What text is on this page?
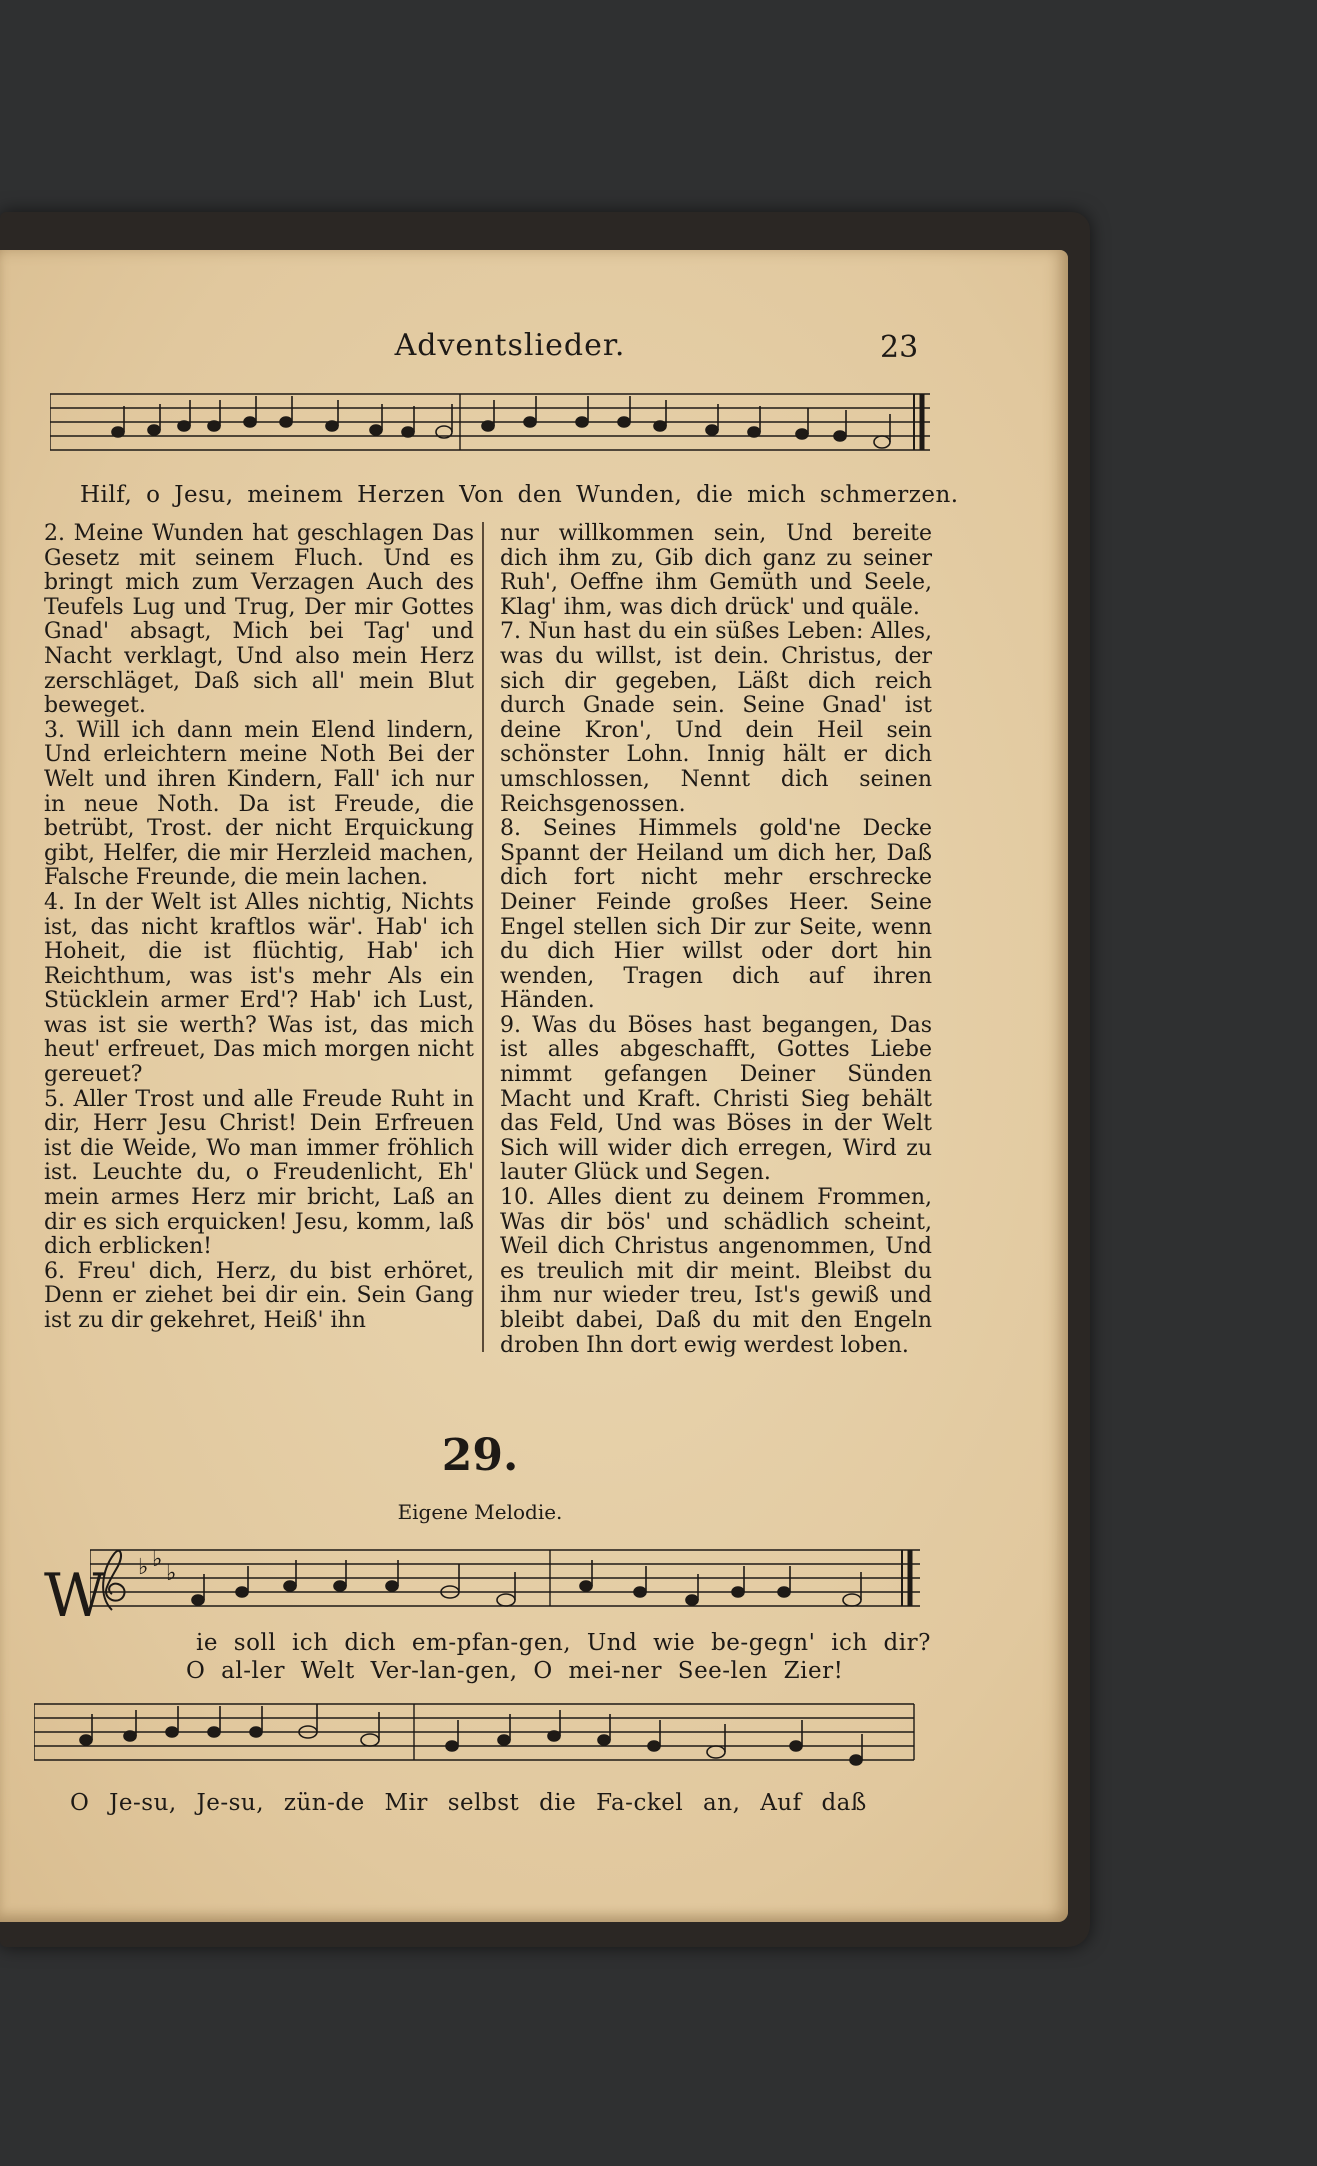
Adventslieder.	23
Hilf, o Jesu, meinem Herzen Von den Wunden, die mich schmerzen.

2. Meine Wunden hat geschlagen Das Gesetz mit seinem Fluch. Und es bringt mich zum Verzagen Auch des Teufels Lug und Trug, Der mir Gottes Gnad' absagt, Mich bei Tag' und Nacht verklagt, Und also mein Herz zerschläget, Daß sich all' mein Blut beweget.

3. Will ich dann mein Elend lindern, Und erleichtern meine Noth Bei der Welt und ihren Kindern, Fall' ich nur in neue Noth. Da ist Freude, die betrübt, Trost. der nicht Erquickung gibt, Helfer, die mir Herzleid machen, Falsche Freunde, die mein lachen.

4. In der Welt ist Alles nichtig, Nichts ist, das nicht kraftlos wär'. Hab' ich Hoheit, die ist flüchtig, Hab' ich Reichthum, was ist's mehr Als ein Stücklein armer Erd'? Hab' ich Lust, was ist sie werth? Was ist, das mich heut' erfreuet, Das mich morgen nicht gereuet?

5. Aller Trost und alle Freude Ruht in dir, Herr Jesu Christ! Dein Erfreuen ist die Weide, Wo man immer fröhlich ist. Leuchte du, o Freudenlicht, Eh' mein armes Herz mir bricht, Laß an dir es sich erquicken! Jesu, komm, laß dich erblicken!

6. Freu' dich, Herz, du bist erhöret, Denn er ziehet bei dir ein. Sein Gang ist zu dir gekehret, Heiß' ihn

nur willkommen sein, Und bereite dich ihm zu, Gib dich ganz zu seiner Ruh', Oeffne ihm Gemüth und Seele, Klag' ihm, was dich drück' und quäle.

7. Nun hast du ein süßes Leben: Alles, was du willst, ist dein. Christus, der sich dir gegeben, Läßt dich reich durch Gnade sein. Seine Gnad' ist deine Kron', Und dein Heil sein schönster Lohn. Innig hält er dich umschlossen, Nennt dich seinen Reichsgenossen.

8. Seines Himmels gold'ne Decke Spannt der Heiland um dich her, Daß dich fort nicht mehr erschrecke Deiner Feinde großes Heer. Seine Engel stellen sich Dir zur Seite, wenn du dich Hier willst oder dort hin wenden, Tragen dich auf ihren Händen.

9. Was du Böses hast begangen, Das ist alles abgeschafft, Gottes Liebe nimmt gefangen Deiner Sünden Macht und Kraft. Christi Sieg behält das Feld, Und was Böses in der Welt Sich will wider dich erregen, Wird zu lauter Glück und Segen.

10. Alles dient zu deinem Frommen, Was dir bös' und schädlich scheint, Weil dich Christus angenommen, Und es treulich mit dir meint. Bleibst du ihm nur wieder treu, Ist's gewiß und bleibt dabei, Daß du mit den Engeln droben Ihn dort ewig werdest loben.

29.
Eigene Melodie.
W ♭ ♭
♭
ie soll ich dich em-pfan-gen, Und wie be-gegn' ich dir?
O al-ler Welt Ver-lan-gen, O mei-ner See-len Zier!
O Je-su, Je-su, zün-de Mir selbst die Fa-ckel an, Auf daß
